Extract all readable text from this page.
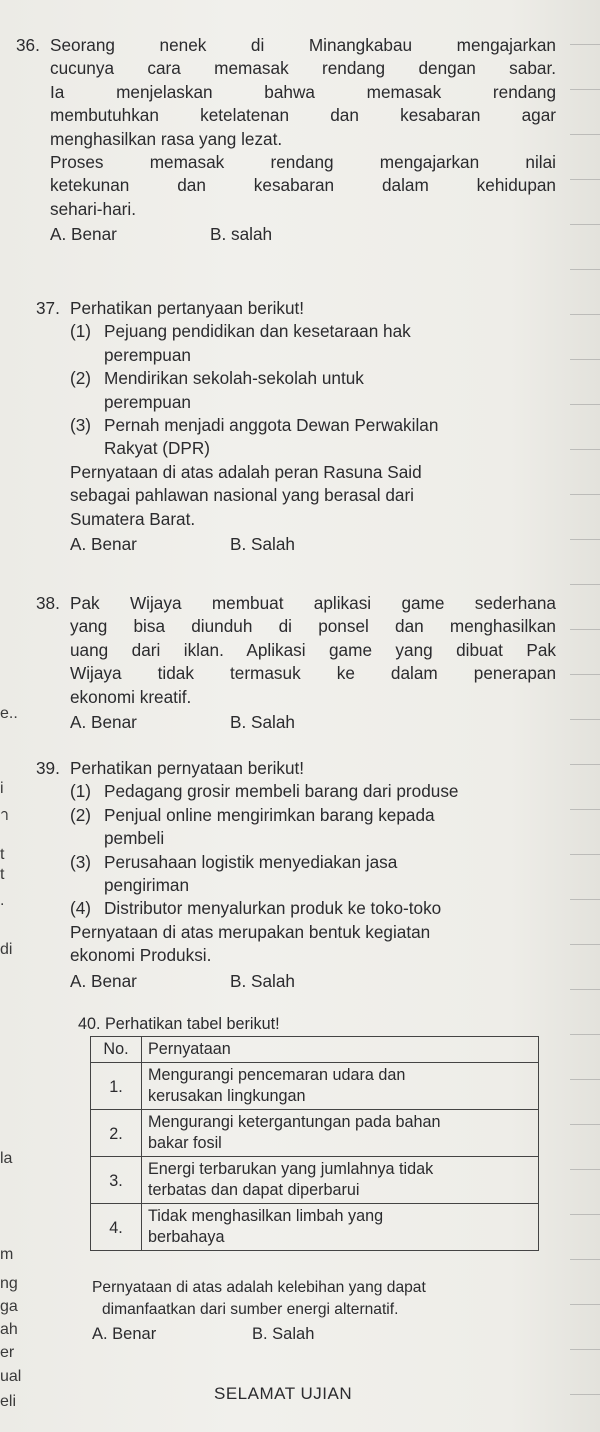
e..
i
า
t
t
.
di
la
m
ng
ga
ah
er
ual
eli
36. Seorang nenek di Minangkabau mengajarkan
cucunya cara memasak rendang dengan sabar.
Ia menjelaskan bahwa memasak rendang
membutuhkan ketelatenan dan kesabaran agar
menghasilkan rasa yang lezat.
Proses memasak rendang mengajarkan nilai
ketekunan dan kesabaran dalam kehidupan
sehari-hari.
A. Benar	B. salah
37. Perhatikan pertanyaan berikut!
(1) Pejuang pendidikan dan kesetaraan hak
perempuan
(2) Mendirikan sekolah-sekolah untuk
perempuan
(3) Pernah menjadi anggota Dewan Perwakilan
Rakyat (DPR)
Pernyataan di atas adalah peran Rasuna Said
sebagai pahlawan nasional yang berasal dari
Sumatera Barat.
A. Benar	B. Salah
38. Pak Wijaya membuat aplikasi game sederhana
yang bisa diunduh di ponsel dan menghasilkan
uang dari iklan. Aplikasi game yang dibuat Pak
Wijaya tidak termasuk ke dalam penerapan
ekonomi kreatif.
A. Benar	B. Salah
39. Perhatikan pernyataan berikut!
(1) Pedagang grosir membeli barang dari produse
(2) Penjual online mengirimkan barang kepada
pembeli
(3) Perusahaan logistik menyediakan jasa
pengiriman
(4) Distributor menyalurkan produk ke toko-toko
Pernyataan di atas merupakan bentuk kegiatan
ekonomi Produksi.
A. Benar	B. Salah
40. Perhatikan tabel berikut!
No.	Pernyataan
1.	Mengurangi pencemaran udara dan
kerusakan lingkungan
2.	Mengurangi ketergantungan pada bahan
bakar fosil
3.	Energi terbarukan yang jumlahnya tidak
terbatas dan dapat diperbarui
4.	Tidak menghasilkan limbah yang
berbahaya
Pernyataan di atas adalah kelebihan yang dapat
dimanfaatkan dari sumber energi alternatif.
A. Benar	B. Salah
SELAMAT UJIAN
